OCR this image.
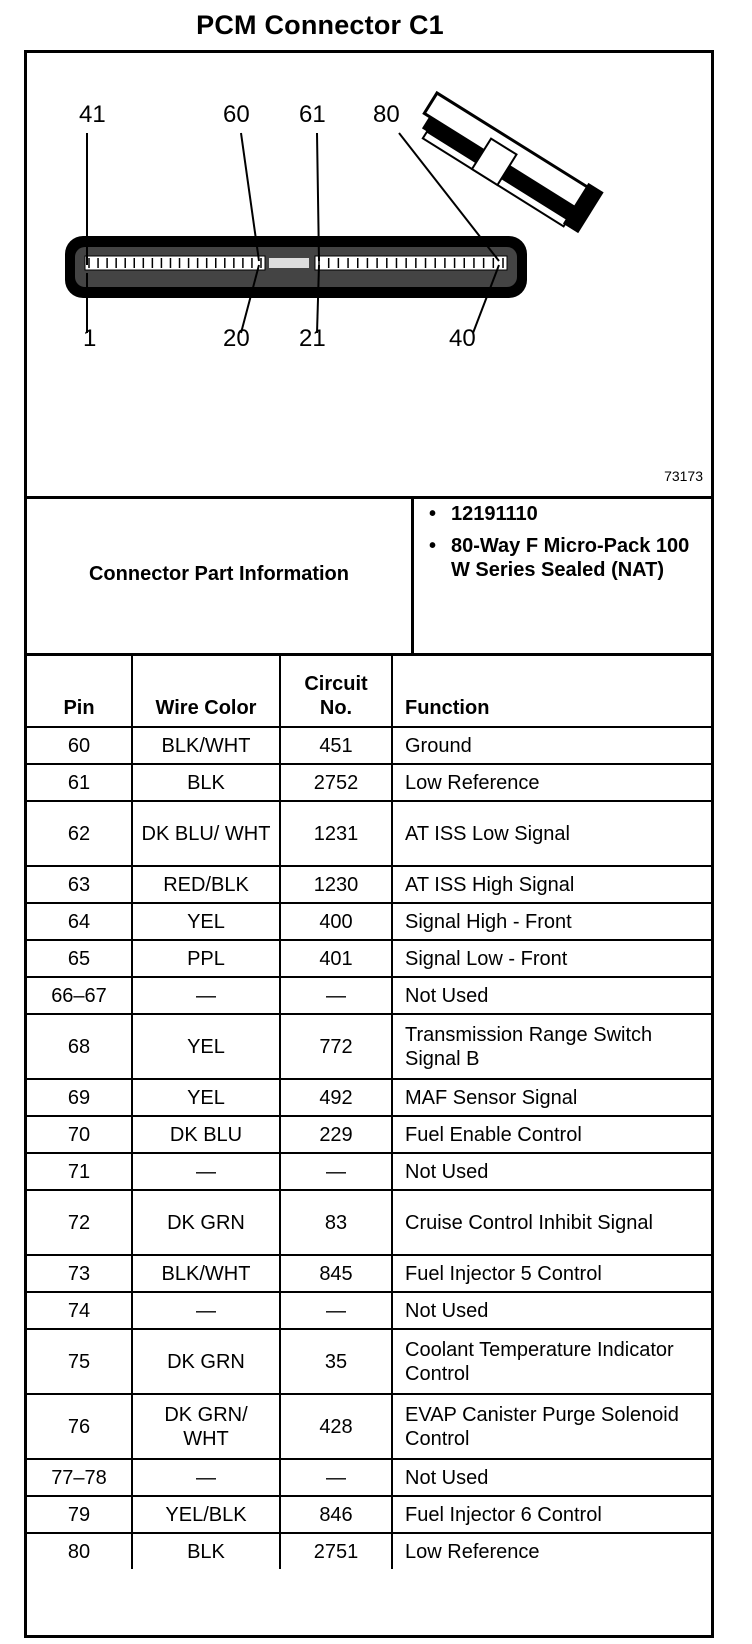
PCM Connector C1
41	60 61 80
1	20 21	40
73173
Connector Part Information
• 12191110
• 80-Way F Micro-Pack 100 W Series Sealed (NAT)
Pin	Wire Color	Circuit No.	Function
60	BLK/WHT	451	Ground
61	BLK	2752	Low Reference
62	DK BLU/ WHT	1231	AT ISS Low Signal
63	RED/BLK	1230	AT ISS High Signal
64	YEL	400	Signal High - Front
65	PPL	401	Signal Low - Front
66–67	—	—	Not Used
68	YEL	772	Transmission Range Switch Signal B
69	YEL	492	MAF Sensor Signal
70	DK BLU	229	Fuel Enable Control
71	—	—	Not Used
72	DK GRN	83	Cruise Control Inhibit Signal
73	BLK/WHT	845	Fuel Injector 5 Control
74	—	—	Not Used
75	DK GRN	35	Coolant Temperature Indicator Control
76	DK GRN/ WHT	428	EVAP Canister Purge Solenoid Control
77–78	—	—	Not Used
79	YEL/BLK	846	Fuel Injector 6 Control
80	BLK	2751	Low Reference
